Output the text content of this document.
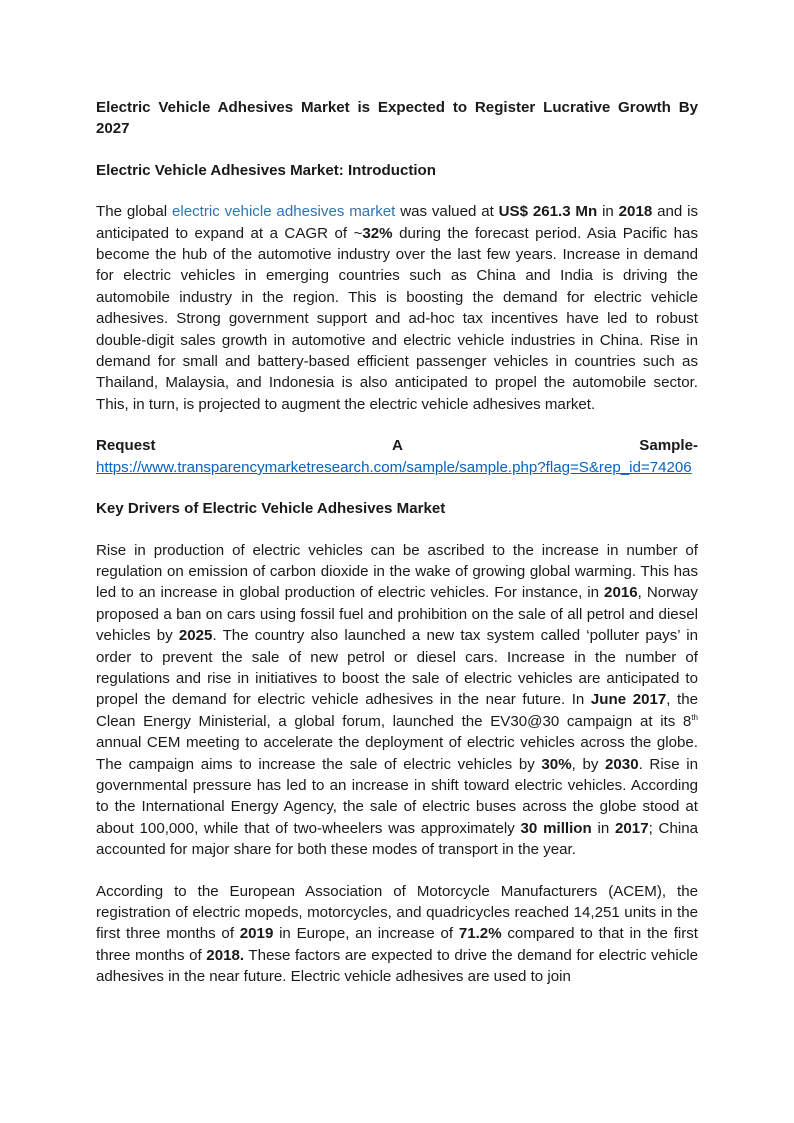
Electric Vehicle Adhesives Market is Expected to Register Lucrative Growth By 2027

Electric Vehicle Adhesives Market: Introduction

The global electric vehicle adhesives market was valued at US$ 261.3 Mn in 2018 and is anticipated to expand at a CAGR of ~32% during the forecast period. Asia Pacific has become the hub of the automotive industry over the last few years. Increase in demand for electric vehicles in emerging countries such as China and India is driving the automobile industry in the region. This is boosting the demand for electric vehicle adhesives. Strong government support and ad-hoc tax incentives have led to robust double-digit sales growth in automotive and electric vehicle industries in China. Rise in demand for small and battery-based efficient passenger vehicles in countries such as Thailand, Malaysia, and Indonesia is also anticipated to propel the automobile sector. This, in turn, is projected to augment the electric vehicle adhesives market.

Request	A	Sample-
https://www.transparencymarketresearch.com/sample/sample.php?flag=S&rep_id=74206

Key Drivers of Electric Vehicle Adhesives Market

Rise in production of electric vehicles can be ascribed to the increase in number of regulation on emission of carbon dioxide in the wake of growing global warming. This has led to an increase in global production of electric vehicles. For instance, in 2016, Norway proposed a ban on cars using fossil fuel and prohibition on the sale of all petrol and diesel vehicles by 2025. The country also launched a new tax system called ‘polluter pays’ in order to prevent the sale of new petrol or diesel cars. Increase in the number of regulations and rise in initiatives to boost the sale of electric vehicles are anticipated to propel the demand for electric vehicle adhesives in the near future. In June 2017, the Clean Energy Ministerial, a global forum, launched the EV30@30 campaign at its 8th annual CEM meeting to accelerate the deployment of electric vehicles across the globe. The campaign aims to increase the sale of electric vehicles by 30%, by 2030. Rise in governmental pressure has led to an increase in shift toward electric vehicles. According to the International Energy Agency, the sale of electric buses across the globe stood at about 100,000, while that of two-wheelers was approximately 30 million in 2017; China accounted for major share for both these modes of transport in the year.

According to the European Association of Motorcycle Manufacturers (ACEM), the registration of electric mopeds, motorcycles, and quadricycles reached 14,251 units in the first three months of 2019 in Europe, an increase of 71.2% compared to that in the first three months of 2018. These factors are expected to drive the demand for electric vehicle adhesives in the near future. Electric vehicle adhesives are used to join
